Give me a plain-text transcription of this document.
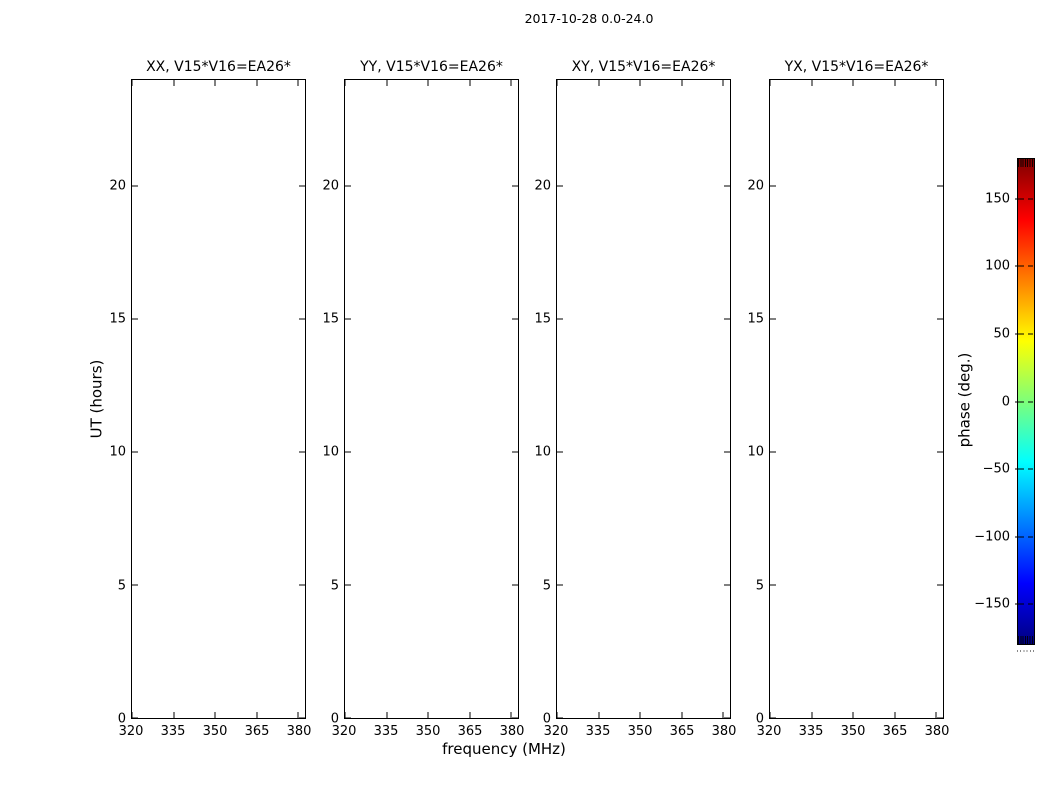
2017-10-28 0.0-24.0
XX, V15*V16=EA26*
320 335 350 365 380
0
5
10
15
20
YY, V15*V16=EA26*
320 335 350 365 380
0
5
10
15
20
XY, V15*V16=EA26*
320 335 350 365 380
0
5
10
15
20
YX, V15*V16=EA26*
320 335 350 365 380
0
5
10
15
20
UT (hours)
frequency (MHz)
150
100
50
0
−50
−100
−150
phase (deg.)
